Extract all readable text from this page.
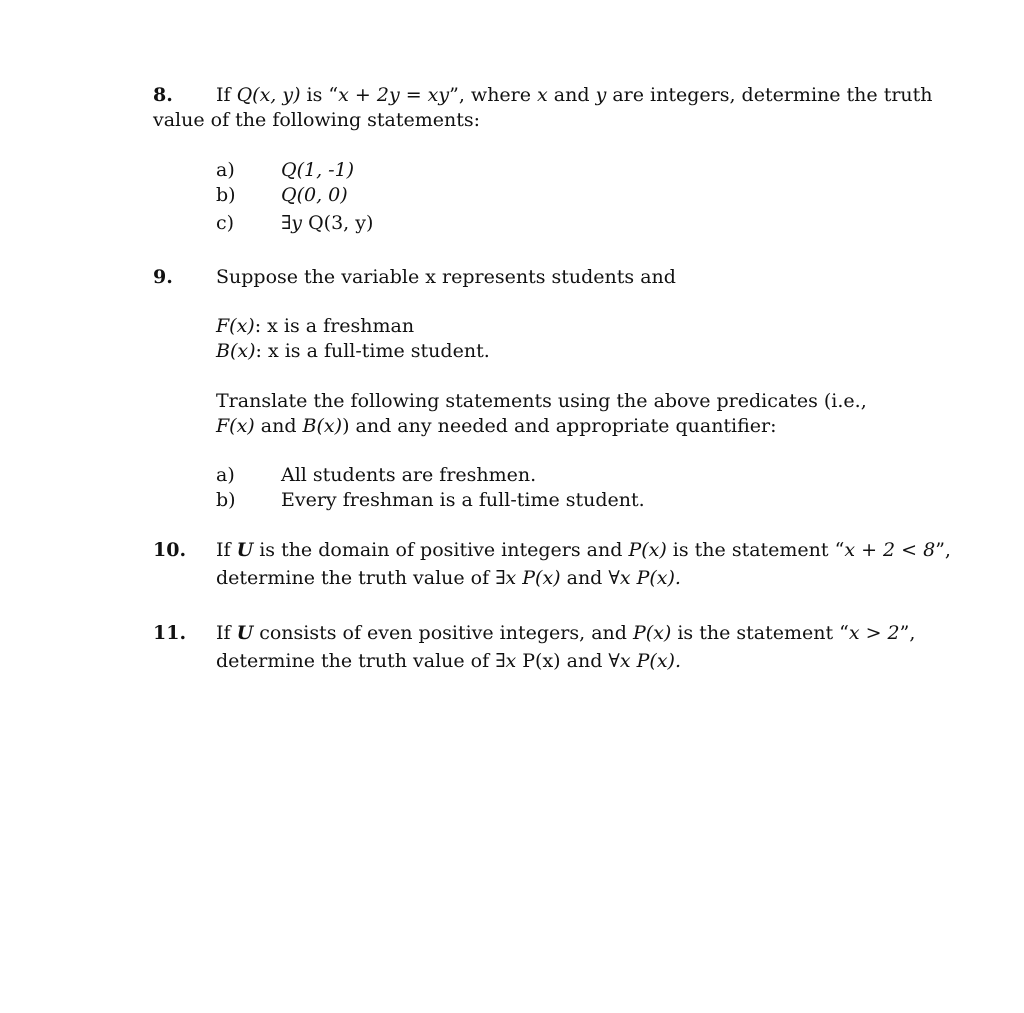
8. If Q(x, y) is “x + 2y = xy”, where x and y are integers, determine the truth
value of the following statements:
a) Q(1, -1)
b) Q(0, 0)
c) ∃y Q(3, y)
9. Suppose the variable x represents students and
F(x): x is a freshman
B(x): x is a full-time student.
Translate the following statements using the above predicates (i.e.,
F(x) and B(x)) and any needed and appropriate quantifier:
a) All students are freshmen.
b) Every freshman is a full-time student.
10. If U is the domain of positive integers and P(x) is the statement “x + 2 < 8”,
determine the truth value of ∃x P(x) and ∀x P(x).
11. If U consists of even positive integers, and P(x) is the statement “x > 2”,
determine the truth value of ∃x P(x) and ∀x P(x).
